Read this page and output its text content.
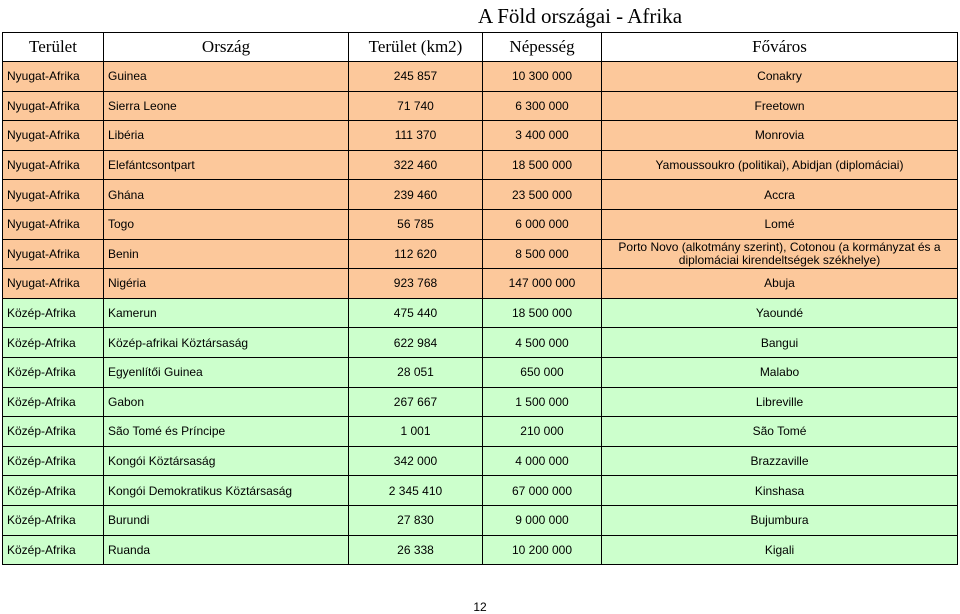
A Föld országai - Afrika
Terület	Ország	Terület (km2)	Népesség	Főváros
Nyugat-Afrika	Guinea	245 857	10 300 000	Conakry
Nyugat-Afrika	Sierra Leone	71 740	6 300 000	Freetown
Nyugat-Afrika	Libéria	111 370	3 400 000	Monrovia
Nyugat-Afrika	Elefántcsontpart	322 460	18 500 000	Yamoussoukro (politikai), Abidjan (diplomáciai)
Nyugat-Afrika	Ghána	239 460	23 500 000	Accra
Nyugat-Afrika	Togo	56 785	6 000 000	Lomé
Nyugat-Afrika	Benin	112 620	8 500 000	Porto Novo (alkotmány szerint), Cotonou (a kormányzat és a diplomáciai kirendeltségek székhelye)
Nyugat-Afrika	Nigéria	923 768	147 000 000	Abuja
Közép-Afrika	Kamerun	475 440	18 500 000	Yaoundé
Közép-Afrika	Közép-afrikai Köztársaság	622 984	4 500 000	Bangui
Közép-Afrika	Egyenlítői Guinea	28 051	650 000	Malabo
Közép-Afrika	Gabon	267 667	1 500 000	Libreville
Közép-Afrika	São Tomé és Príncipe	1 001	210 000	São Tomé
Közép-Afrika	Kongói Köztársaság	342 000	4 000 000	Brazzaville
Közép-Afrika	Kongói Demokratikus Köztársaság	2 345 410	67 000 000	Kinshasa
Közép-Afrika	Burundi	27 830	9 000 000	Bujumbura
Közép-Afrika	Ruanda	26 338	10 200 000	Kigali
12
